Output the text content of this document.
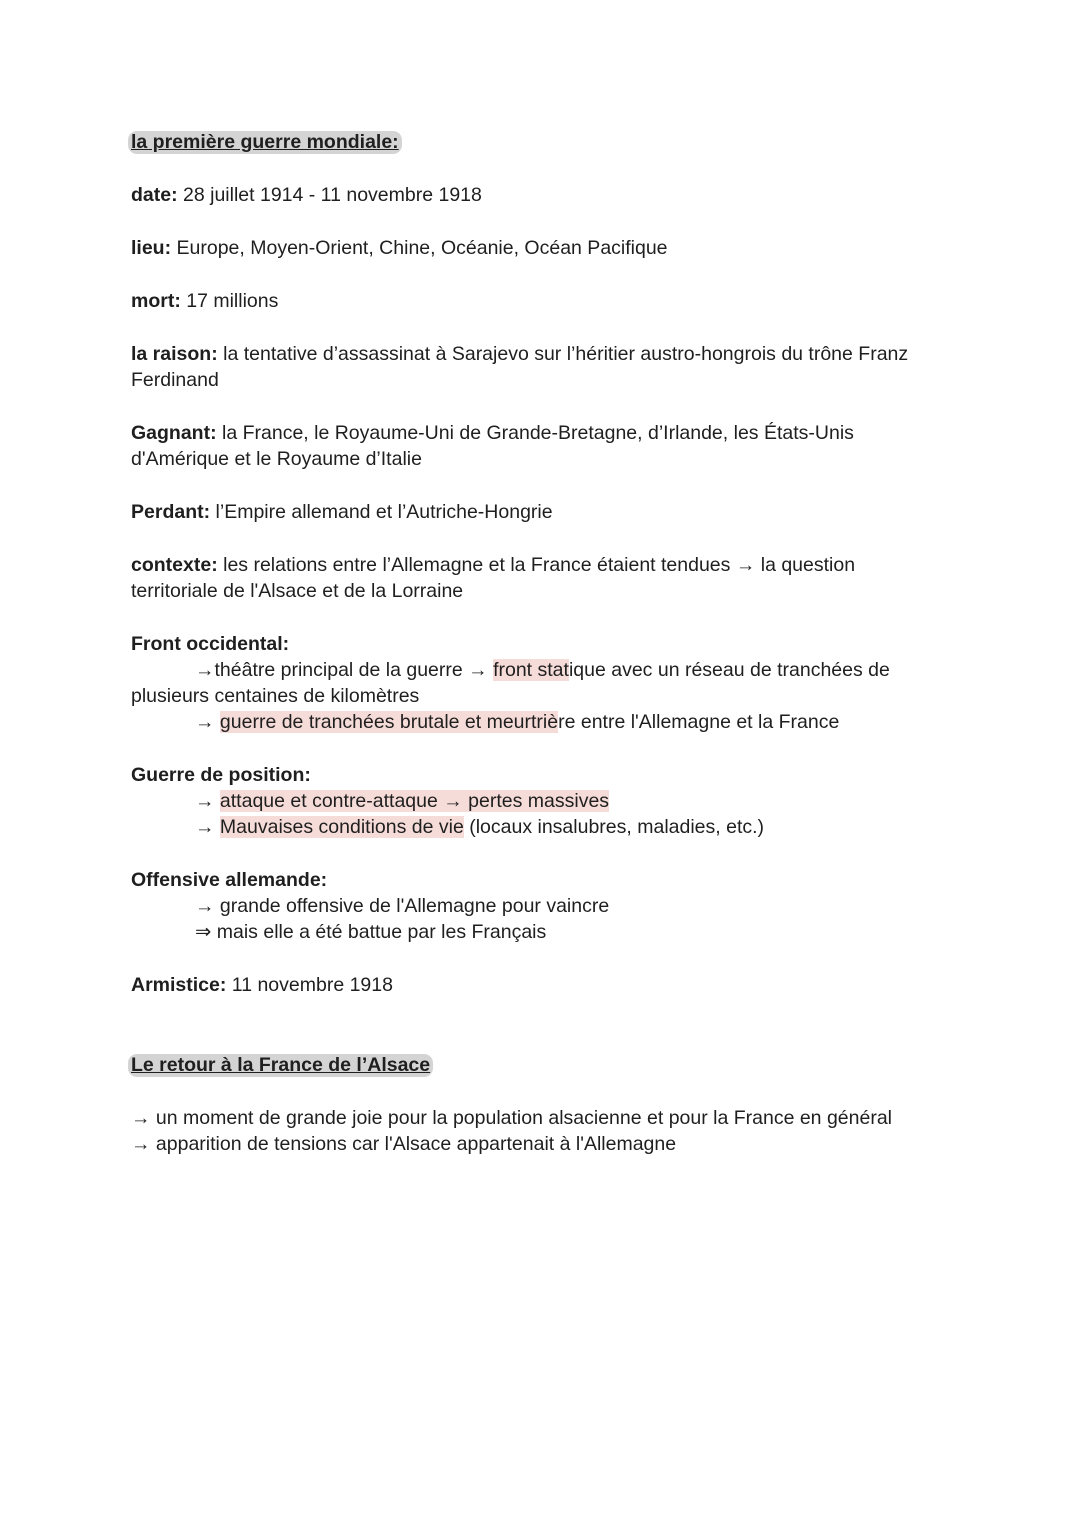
la première guerre mondiale:

date: 28 juillet 1914 - 11 novembre 1918

lieu: Europe, Moyen-Orient, Chine, Océanie, Océan Pacifique

mort: 17 millions

la raison: la tentative d’assassinat à Sarajevo sur l’héritier austro-hongrois du trône Franz Ferdinand

Gagnant: la France, le Royaume-Uni de Grande-Bretagne, d’Irlande, les États-Unis d'Amérique et le Royaume d’Italie

Perdant: l’Empire allemand et l’Autriche-Hongrie

contexte: les relations entre l’Allemagne et la France étaient tendues → la question territoriale de l'Alsace et de la Lorraine

Front occidental:

→théâtre principal de la guerre → front statique avec un réseau de tranchées de plusieurs centaines de kilomètres

→ guerre de tranchées brutale et meurtrière entre l'Allemagne et la France

Guerre de position:

→ attaque et contre-attaque → pertes massives

→ Mauvaises conditions de vie (locaux insalubres, maladies, etc.)

Offensive allemande:

→ grande offensive de l'Allemagne pour vaincre

⇒ mais elle a été battue par les Français

Armistice: 11 novembre 1918

Le retour à la France de l’Alsace

→ un moment de grande joie pour la population alsacienne et pour la France en général

→ apparition de tensions car l'Alsace appartenait à l'Allemagne
